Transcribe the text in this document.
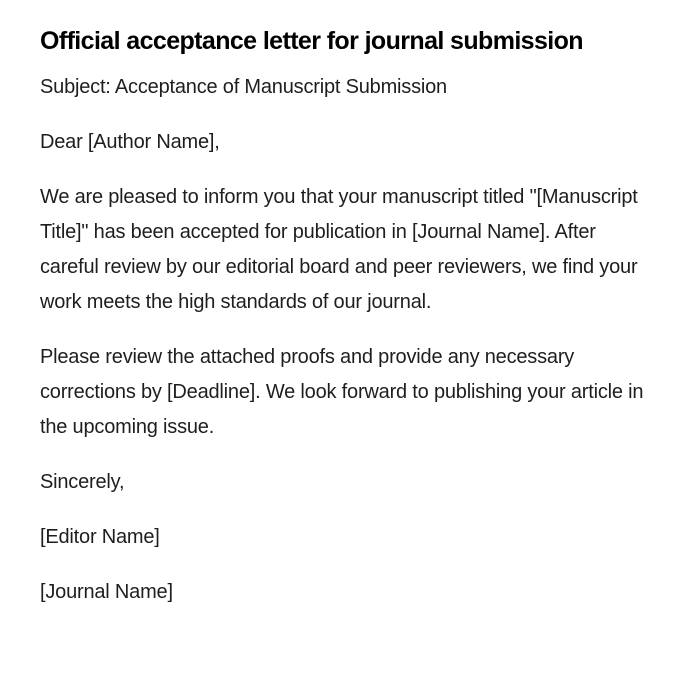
Official acceptance letter for journal submission

Subject: Acceptance of Manuscript Submission

Dear [Author Name],

We are pleased to inform you that your manuscript titled "[Manuscript Title]" has been accepted for publication in [Journal Name]. After careful review by our editorial board and peer reviewers, we find your work meets the high standards of our journal.

Please review the attached proofs and provide any necessary corrections by [Deadline]. We look forward to publishing your article in the upcoming issue.

Sincerely,

[Editor Name]

[Journal Name]
